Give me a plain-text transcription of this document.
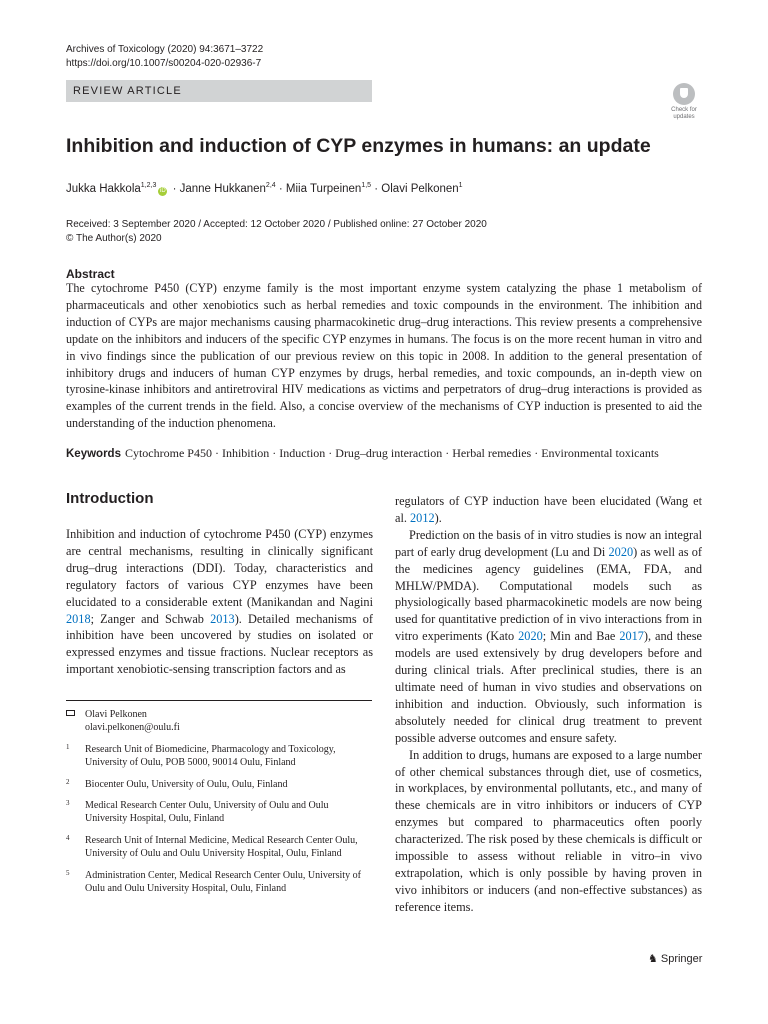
Archives of Toxicology (2020) 94:3671–3722
https://doi.org/10.1007/s00204-020-02936-7
REVIEW ARTICLE
Check for
updates
Inhibition and induction of CYP enzymes in humans: an update
Jukka Hakkola$^{1,2,3}$iD · Janne Hukkanen$^{2,4}$ · Miia Turpeinen$^{1,5}$ · Olavi Pelkonen$^1$
Received: 3 September 2020 / Accepted: 12 October 2020 / Published online: 27 October 2020
© The Author(s) 2020
Abstract
The cytochrome P450 (CYP) enzyme family is the most important enzyme system catalyzing the phase 1 metabolism of pharmaceuticals and other xenobiotics such as herbal remedies and toxic compounds in the environment. The inhibition and induction of CYPs are major mechanisms causing pharmacokinetic drug–drug interactions. This review presents a comprehensive update on the inhibitors and inducers of the specific CYP enzymes in humans. The focus is on the more recent human in vitro and in vivo findings since the publication of our previous review on this topic in 2008. In addition to the general presentation of inhibitory drugs and inducers of human CYP enzymes by drugs, herbal remedies, and toxic compounds, an in-depth view on tyrosine-kinase inhibitors and antiretroviral HIV medications as victims and perpetrators of drug–drug interactions is provided as examples of the current trends in the field. Also, a concise overview of the mechanisms of CYP induction is presented to aid the understanding of the induction phenomena.
Keywords Cytochrome P450 · Inhibition · Induction · Drug–drug interaction · Herbal remedies · Environmental toxicants
Introduction

Inhibition and induction of cytochrome P450 (CYP) enzymes are central mechanisms, resulting in clinically significant drug–drug interactions (DDI). Today, characteristics and regulatory factors of various CYP enzymes have been elucidated to a considerable extent (Manikandan and Nagini 2018; Zanger and Schwab 2013). Detailed mechanisms of inhibition have been uncovered by studies on isolated or expressed enzymes and tissue fractions. Nuclear receptors as important xenobiotic-sensing transcription factors and as

regulators of CYP induction have been elucidated (Wang et al. 2012).

Prediction on the basis of in vitro studies is now an integral part of early drug development (Lu and Di 2020) as well as of the medicines agency guidelines (EMA, FDA, and MHLW/PMDA). Computational models such as physiologically based pharmacokinetic models are now being used for quantitative prediction of in vivo interactions from in vitro experiments (Kato 2020; Min and Bae 2017), and these models are used extensively by drug developers before and during clinical trials. After preclinical studies, there is an ultimate need of human in vivo studies and observations on inhibition and induction. Obviously, such information is absolutely needed for clinical drug treatment to prevent possible adverse outcomes and ensure safety.

In addition to drugs, humans are exposed to a large number of other chemical substances through diet, use of cosmetics, in workplaces, by environmental pollutants, etc., and many of these chemicals are in vitro inhibitors or inducers of CYP enzymes but compared to pharmaceutics often poorly characterized. The risk posed by these chemicals is difficult or impossible to assess without reliable in vitro–in vivo extrapolation, which is only possible by having proven in vivo inhibitors or inducers (and non-effective substances) as reference items.

Olavi Pelkonen
olavi.pelkonen@oulu.fi
1 Research Unit of Biomedicine, Pharmacology and Toxicology, University of Oulu, POB 5000, 90014 Oulu, Finland
2 Biocenter Oulu, University of Oulu, Oulu, Finland
3 Medical Research Center Oulu, University of Oulu and Oulu University Hospital, Oulu, Finland
4 Research Unit of Internal Medicine, Medical Research Center Oulu, University of Oulu and Oulu University Hospital, Oulu, Finland
5 Administration Center, Medical Research Center Oulu, University of Oulu and Oulu University Hospital, Oulu, Finland
♞ Springer
